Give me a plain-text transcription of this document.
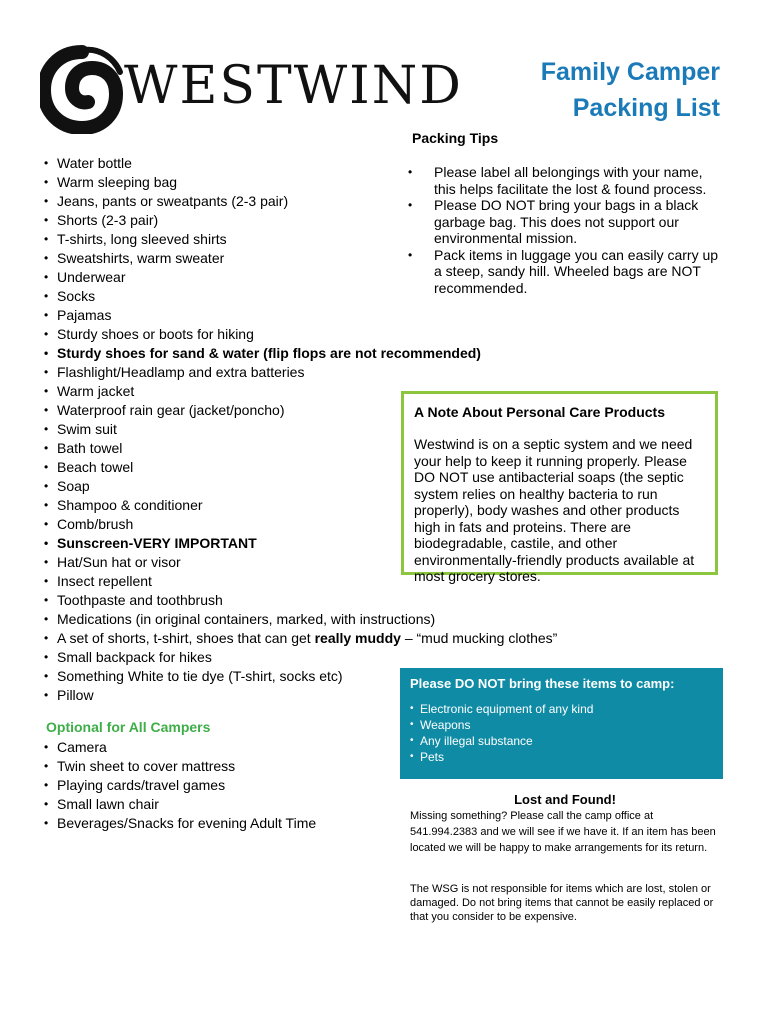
WESTWIND	Family Camper
Packing List
Packing Tips

• Please label all belongings with your name, this helps facilitate the lost & found process.

• Please DO NOT bring your bags in a black garbage bag. This does not support our environmental mission.

• Pack items in luggage you can easily carry up a steep, sandy hill. Wheeled bags are NOT recommended.

• Water bottle
• Warm sleeping bag
• Jeans, pants or sweatpants (2-3 pair)
• Shorts (2-3 pair)
• T-shirts, long sleeved shirts
• Sweatshirts, warm sweater
• Underwear
• Socks
• Pajamas
• Sturdy shoes or boots for hiking
• Sturdy shoes for sand & water (flip flops are not recommended)
• Flashlight/Headlamp and extra batteries
• Warm jacket
• Waterproof rain gear (jacket/poncho)
• Swim suit
• Bath towel
• Beach towel
• Soap
• Shampoo & conditioner
• Comb/brush
• Sunscreen-VERY IMPORTANT
• Hat/Sun hat or visor
• Insect repellent
• Toothpaste and toothbrush
• Medications (in original containers, marked, with instructions)
• A set of shorts, t-shirt, shoes that can get really muddy – “mud mucking clothes”
• Small backpack for hikes
• Something White to tie dye (T-shirt, socks etc)
• Pillow
Optional for All Campers
• Camera
• Twin sheet to cover mattress
• Playing cards/travel games
• Small lawn chair
• Beverages/Snacks for evening Adult Time

A Note About Personal Care Products

Westwind is on a septic system and we need your help to keep it running properly. Please DO NOT use antibacterial soaps (the septic system relies on healthy bacteria to run properly), body washes and other products high in fats and proteins. There are biodegradable, castile, and other environmentally-friendly products available at most grocery stores.

Please DO NOT bring these items to camp:

• Electronic equipment of any kind
• Weapons
• Any illegal substance
• Pets
Lost and Found!

Missing something? Please call the camp office at 541.994.2383 and we will see if we have it. If an item has been located we will be happy to make arrangements for its return.

The WSG is not responsible for items which are lost, stolen or damaged. Do not bring items that cannot be easily replaced or that you consider to be expensive.
